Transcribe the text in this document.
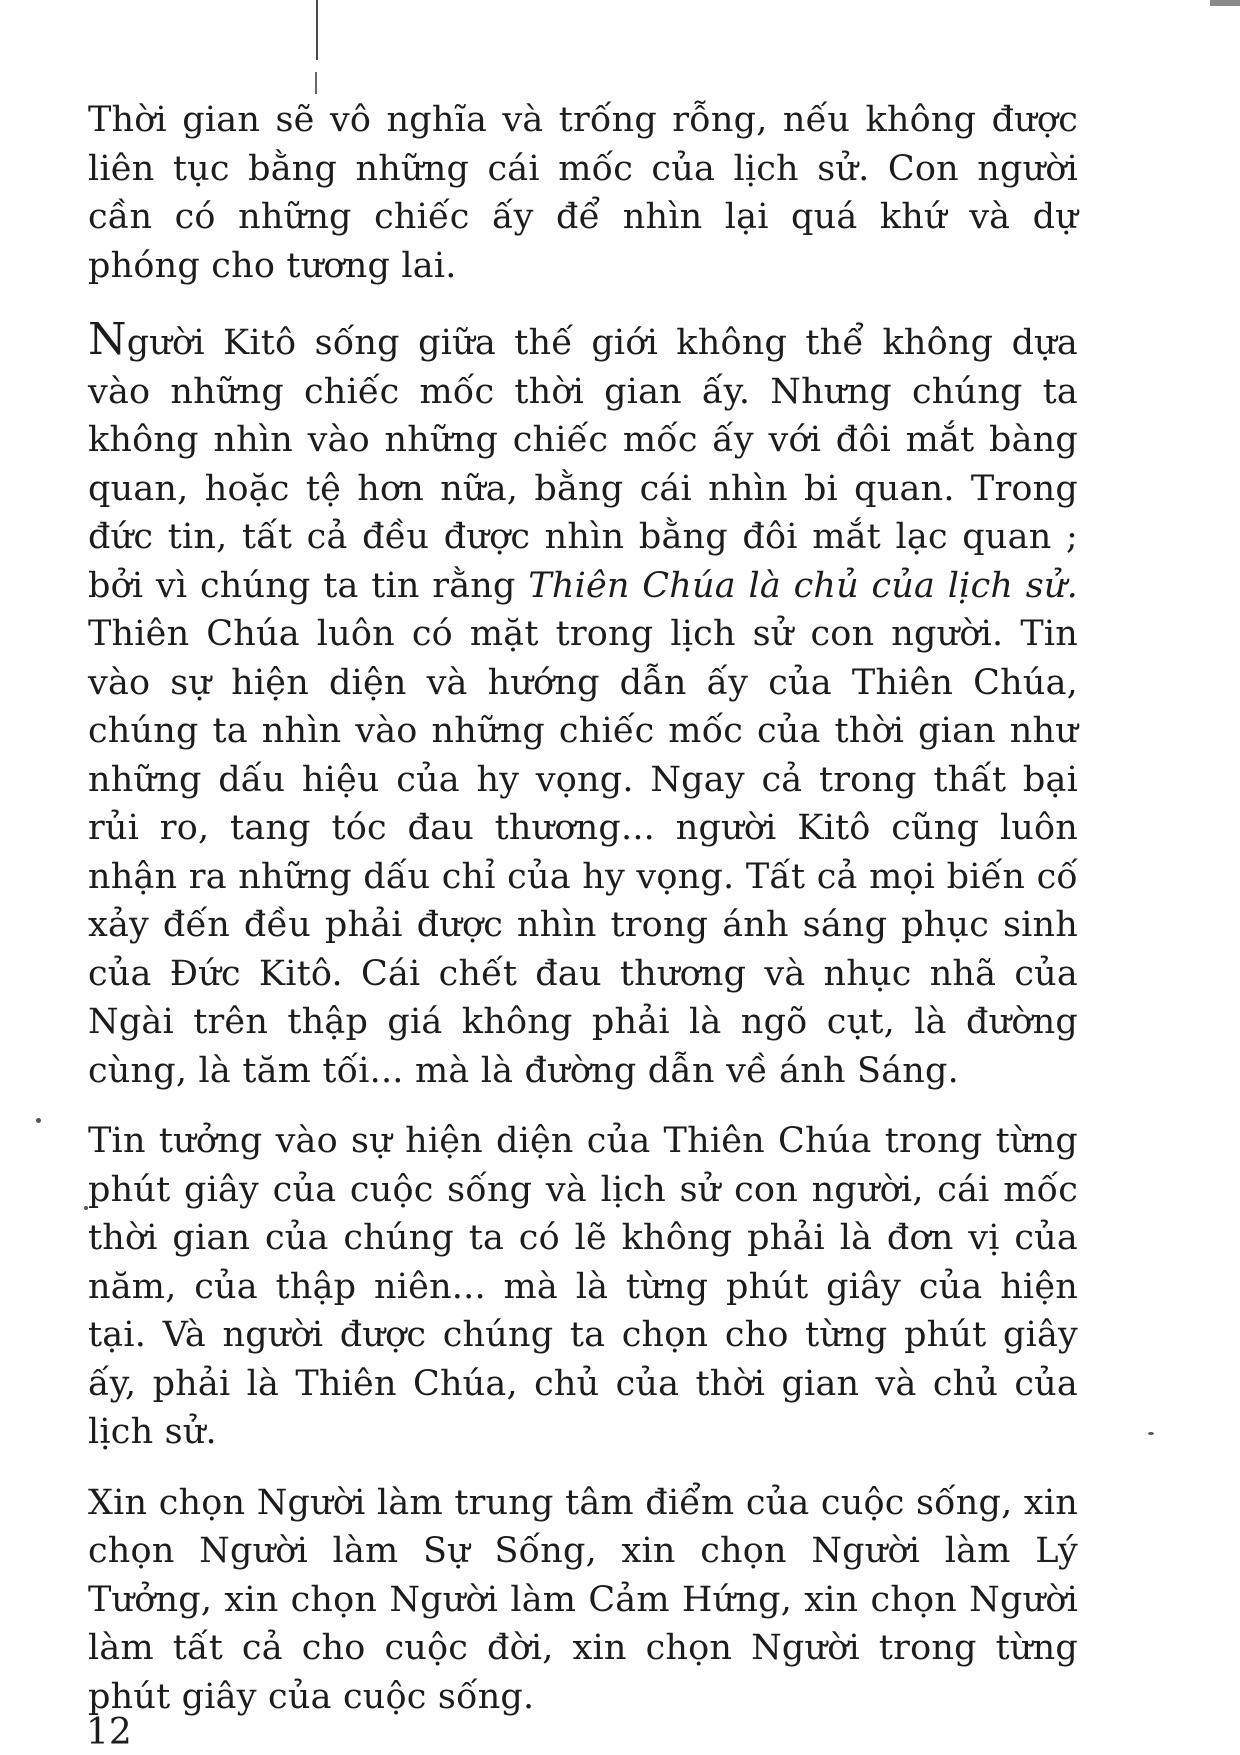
Thời gian sẽ vô nghĩa và trống rỗng, nếu không được liên tục bằng những cái mốc của lịch sử. Con người cần có những chiếc ấy để nhìn lại quá khứ và dự phóng cho tương lai.

Người Kitô sống giữa thế giới không thể không dựa vào những chiếc mốc thời gian ấy. Nhưng chúng ta không nhìn vào những chiếc mốc ấy với đôi mắt bàng quan, hoặc tệ hơn nữa, bằng cái nhìn bi quan. Trong đức tin, tất cả đều được nhìn bằng đôi mắt lạc quan ; bởi vì chúng ta tin rằng Thiên Chúa là chủ của lịch sử. Thiên Chúa luôn có mặt trong lịch sử con người. Tin vào sự hiện diện và hướng dẫn ấy của Thiên Chúa, chúng ta nhìn vào những chiếc mốc của thời gian như những dấu hiệu của hy vọng. Ngay cả trong thất bại rủi ro, tang tóc đau thương... người Kitô cũng luôn nhận ra những dấu chỉ của hy vọng. Tất cả mọi biến cố xảy đến đều phải được nhìn trong ánh sáng phục sinh của Đức Kitô. Cái chết đau thương và nhục nhã của Ngài trên thập giá không phải là ngõ cụt, là đường cùng, là tăm tối... mà là đường dẫn về ánh Sáng.

Tin tưởng vào sự hiện diện của Thiên Chúa trong từng phút giây của cuộc sống và lịch sử con người, cái mốc thời gian của chúng ta có lẽ không phải là đơn vị của năm, của thập niên... mà là từng phút giây của hiện tại. Và người được chúng ta chọn cho từng phút giây ấy, phải là Thiên Chúa, chủ của thời gian và chủ của lịch sử.

Xin chọn Người làm trung tâm điểm của cuộc sống, xin chọn Người làm Sự Sống, xin chọn Người làm Lý Tưởng, xin chọn Người làm Cảm Hứng, xin chọn Người làm tất cả cho cuộc đời, xin chọn Người trong từng phút giây của cuộc sống.

12
